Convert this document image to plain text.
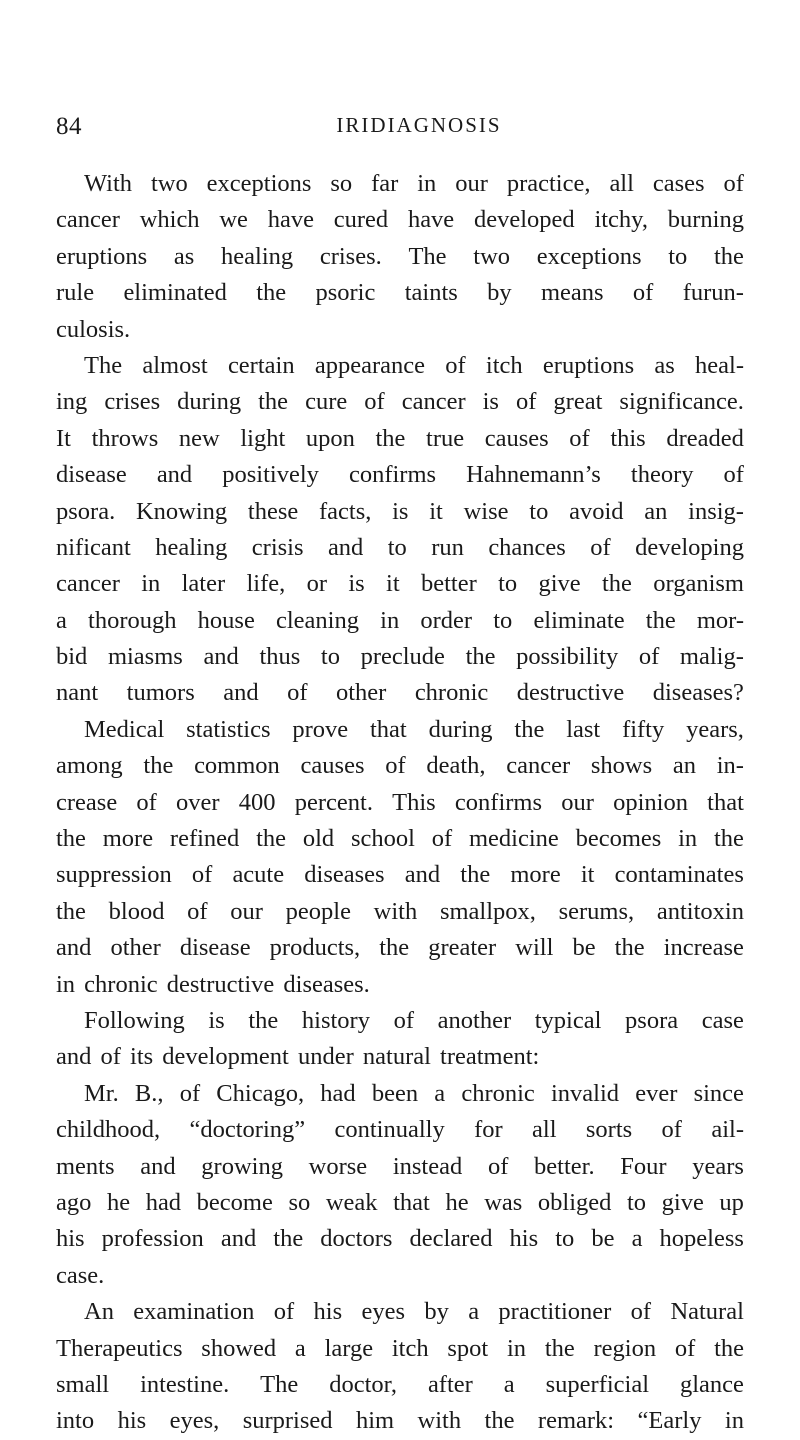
84	IRIDIAGNOSIS
With two exceptions so far in our practice, all cases of
cancer which we have cured have developed itchy, burning
eruptions as healing crises. The two exceptions to the
rule eliminated the psoric taints by means of furun-
culosis.
The almost certain appearance of itch eruptions as heal-
ing crises during the cure of cancer is of great significance.
It throws new light upon the true causes of this dreaded
disease and positively confirms Hahnemann’s theory of
psora. Knowing these facts, is it wise to avoid an insig-
nificant healing crisis and to run chances of developing
cancer in later life, or is it better to give the organism
a thorough house cleaning in order to eliminate the mor-
bid miasms and thus to preclude the possibility of malig-
nant tumors and of other chronic destructive diseases?
Medical statistics prove that during the last fifty years,
among the common causes of death, cancer shows an in-
crease of over 400 percent. This confirms our opinion that
the more refined the old school of medicine becomes in the
suppression of acute diseases and the more it contaminates
the blood of our people with smallpox, serums, antitoxin
and other disease products, the greater will be the increase
in chronic destructive diseases.
Following is the history of another typical psora case
and of its development under natural treatment:
Mr. B., of Chicago, had been a chronic invalid ever since
childhood, “doctoring” continually for all sorts of ail-
ments and growing worse instead of better. Four years
ago he had become so weak that he was obliged to give up
his profession and the doctors declared his to be a hopeless
case.
An examination of his eyes by a practitioner of Natural
Therapeutics showed a large itch spot in the region of the
small intestine. The doctor, after a superficial glance
into his eyes, surprised him with the remark: “Early in
